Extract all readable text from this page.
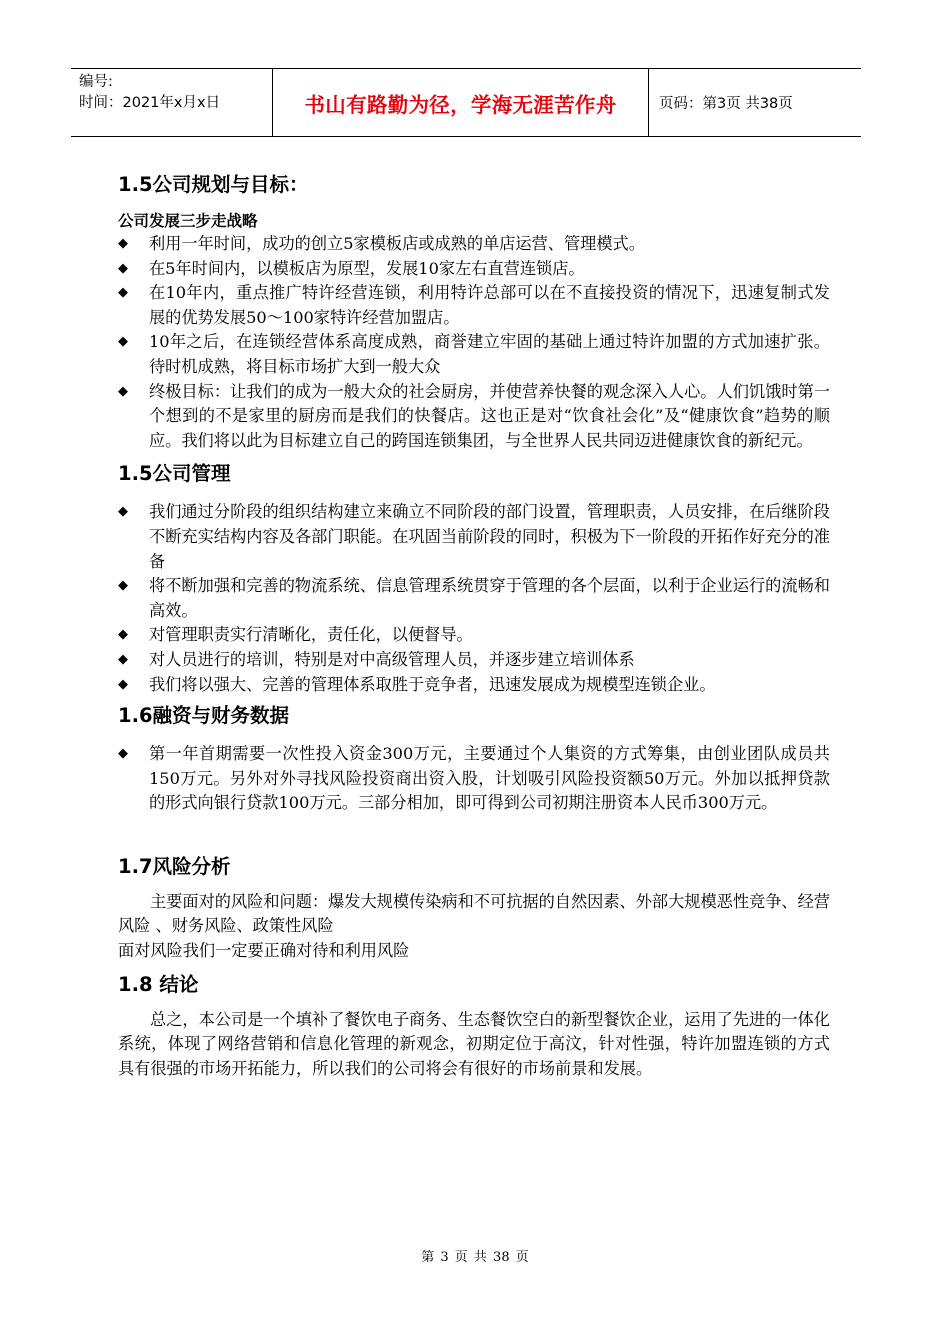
编号:
时间：2021年x月x日	书山有路勤为径，学海无涯苦作舟	页码：第3页 共38页
1.5公司规划与目标：
公司发展三步走战略
◆ 利用一年时间，成功的创立5家模板店或成熟的单店运营、管理模式。
◆ 在5年时间内，以模板店为原型，发展10家左右直营连锁店。
◆ 在10年内，重点推广特许经营连锁，利用特许总部可以在不直接投资的情况下，迅速复制式发展的优势发展50～100家特许经营加盟店。
◆ 10年之后，在连锁经营体系高度成熟，商誉建立牢固的基础上通过特许加盟的方式加速扩张。待时机成熟，将目标市场扩大到一般大众
◆ 终极目标：让我们的成为一般大众的社会厨房，并使营养快餐的观念深入人心。人们饥饿时第一个想到的不是家里的厨房而是我们的快餐店。这也正是对“饮食社会化”及“健康饮食”趋势的顺应。我们将以此为目标建立自己的跨国连锁集团，与全世界人民共同迈进健康饮食的新纪元。
1.5公司管理
◆ 我们通过分阶段的组织结构建立来确立不同阶段的部门设置，管理职责，人员安排，在后继阶段不断充实结构内容及各部门职能。在巩固当前阶段的同时，积极为下一阶段的开拓作好充分的准备
◆ 将不断加强和完善的物流系统、信息管理系统贯穿于管理的各个层面，以利于企业运行的流畅和高效。
◆ 对管理职责实行清晰化，责任化，以便督导。
◆ 对人员进行的培训，特别是对中高级管理人员，并逐步建立培训体系
◆ 我们将以强大、完善的管理体系取胜于竞争者，迅速发展成为规模型连锁企业。
1.6融资与财务数据
◆ 第一年首期需要一次性投入资金300万元，主要通过个人集资的方式筹集，由创业团队成员共150万元。另外对外寻找风险投资商出资入股，计划吸引风险投资额50万元。外加以抵押贷款的形式向银行贷款100万元。三部分相加，即可得到公司初期注册资本人民币300万元。
1.7风险分析

主要面对的风险和问题：爆发大规模传染病和不可抗据的自然因素、外部大规模恶性竞争、经营风险 、财务风险、政策性风险

面对风险我们一定要正确对待和利用风险

1.8 结论

总之，本公司是一个填补了餐饮电子商务、生态餐饮空白的新型餐饮企业，运用了先进的一体化系统，体现了网络营销和信息化管理的新观念，初期定位于高汶，针对性强，特许加盟连锁的方式具有很强的市场开拓能力，所以我们的公司将会有很好的市场前景和发展。

第 3 页 共 38 页
